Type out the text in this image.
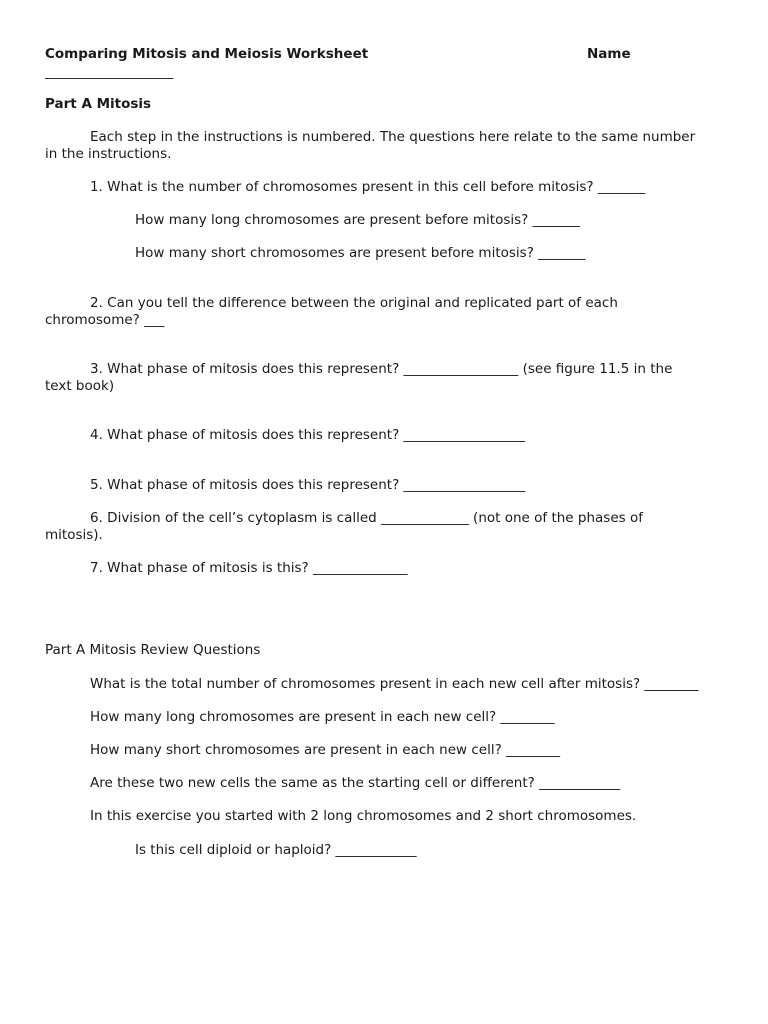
Comparing Mitosis and Meiosis Worksheet	Name
___________________
Part A Mitosis
Each step in the instructions is numbered. The questions here relate to the same number
in the instructions.
1. What is the number of chromosomes present in this cell before mitosis? _______
How many long chromosomes are present before mitosis? _______
How many short chromosomes are present before mitosis? _______
2. Can you tell the difference between the original and replicated part of each
chromosome? ___
3. What phase of mitosis does this represent? _________________ (see figure 11.5 in the
text book)
4. What phase of mitosis does this represent? __________________
5. What phase of mitosis does this represent? __________________
6. Division of the cell’s cytoplasm is called _____________ (not one of the phases of
mitosis).
7. What phase of mitosis is this? ______________
Part A Mitosis Review Questions
What is the total number of chromosomes present in each new cell after mitosis? ________
How many long chromosomes are present in each new cell? ________
How many short chromosomes are present in each new cell? ________
Are these two new cells the same as the starting cell or different? ____________
In this exercise you started with 2 long chromosomes and 2 short chromosomes.
Is this cell diploid or haploid? ____________
